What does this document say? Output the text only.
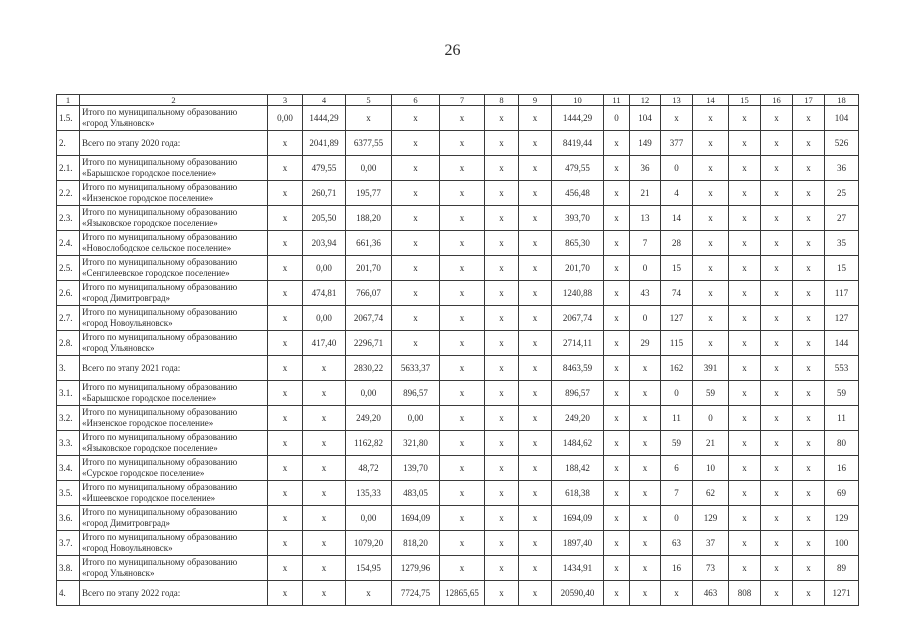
26
1	2	3	4	5	6	7	8	9	10	11	12	13	14	15	16	17	18
1.5.	Итого по муниципальному образованию «город Ульяновск»	0,00	1444,29	x	x	x	x	x	1444,29	0	104	x	x	x	x	x	104
2.	Всего по этапу 2020 года:	x	2041,89	6377,55	x	x	x	x	8419,44	x	149	377	x	x	x	x	526
2.1.	Итого по муниципальному образованию «Барышское городское поселение»	x	479,55	0,00	x	x	x	x	479,55	x	36	0	x	x	x	x	36
2.2.	Итого по муниципальному образованию «Инзенское городское поселение»	x	260,71	195,77	x	x	x	x	456,48	x	21	4	x	x	x	x	25
2.3.	Итого по муниципальному образованию «Языковское городское поселение»	x	205,50	188,20	x	x	x	x	393,70	x	13	14	x	x	x	x	27
2.4.	Итого по муниципальному образованию «Новослободское сельское поселение»	x	203,94	661,36	x	x	x	x	865,30	x	7	28	x	x	x	x	35
2.5.	Итого по муниципальному образованию «Сенгилеевское городское поселение»	x	0,00	201,70	x	x	x	x	201,70	x	0	15	x	x	x	x	15
2.6.	Итого по муниципальному образованию «город Димитровград»	x	474,81	766,07	x	x	x	x	1240,88	x	43	74	x	x	x	x	117
2.7.	Итого по муниципальному образованию «город Новоульяновск»	x	0,00	2067,74	x	x	x	x	2067,74	x	0	127	x	x	x	x	127
2.8.	Итого по муниципальному образованию «город Ульяновск»	x	417,40	2296,71	x	x	x	x	2714,11	x	29	115	x	x	x	x	144
3.	Всего по этапу 2021 года:	x	x	2830,22	5633,37	x	x	x	8463,59	x	x	162	391	x	x	x	553
3.1.	Итого по муниципальному образованию «Барышское городское поселение»	x	x	0,00	896,57	x	x	x	896,57	x	x	0	59	x	x	x	59
3.2.	Итого по муниципальному образованию «Инзенское городское поселение»	x	x	249,20	0,00	x	x	x	249,20	x	x	11	0	x	x	x	11
3.3.	Итого по муниципальному образованию «Языковское городское поселение»	x	x	1162,82	321,80	x	x	x	1484,62	x	x	59	21	x	x	x	80
3.4.	Итого по муниципальному образованию «Сурское городское поселение»	x	x	48,72	139,70	x	x	x	188,42	x	x	6	10	x	x	x	16
3.5.	Итого по муниципальному образованию «Ишеевское городское поселение»	x	x	135,33	483,05	x	x	x	618,38	x	x	7	62	x	x	x	69
3.6.	Итого по муниципальному образованию «город Димитровград»	x	x	0,00	1694,09	x	x	x	1694,09	x	x	0	129	x	x	x	129
3.7.	Итого по муниципальному образованию «город Новоульяновск»	x	x	1079,20	818,20	x	x	x	1897,40	x	x	63	37	x	x	x	100
3.8.	Итого по муниципальному образованию «город Ульяновск»	x	x	154,95	1279,96	x	x	x	1434,91	x	x	16	73	x	x	x	89
4.	Всего по этапу 2022 года:	x	x	x	7724,75	12865,65	x	x	20590,40	x	x	x	463	808	x	x	1271
